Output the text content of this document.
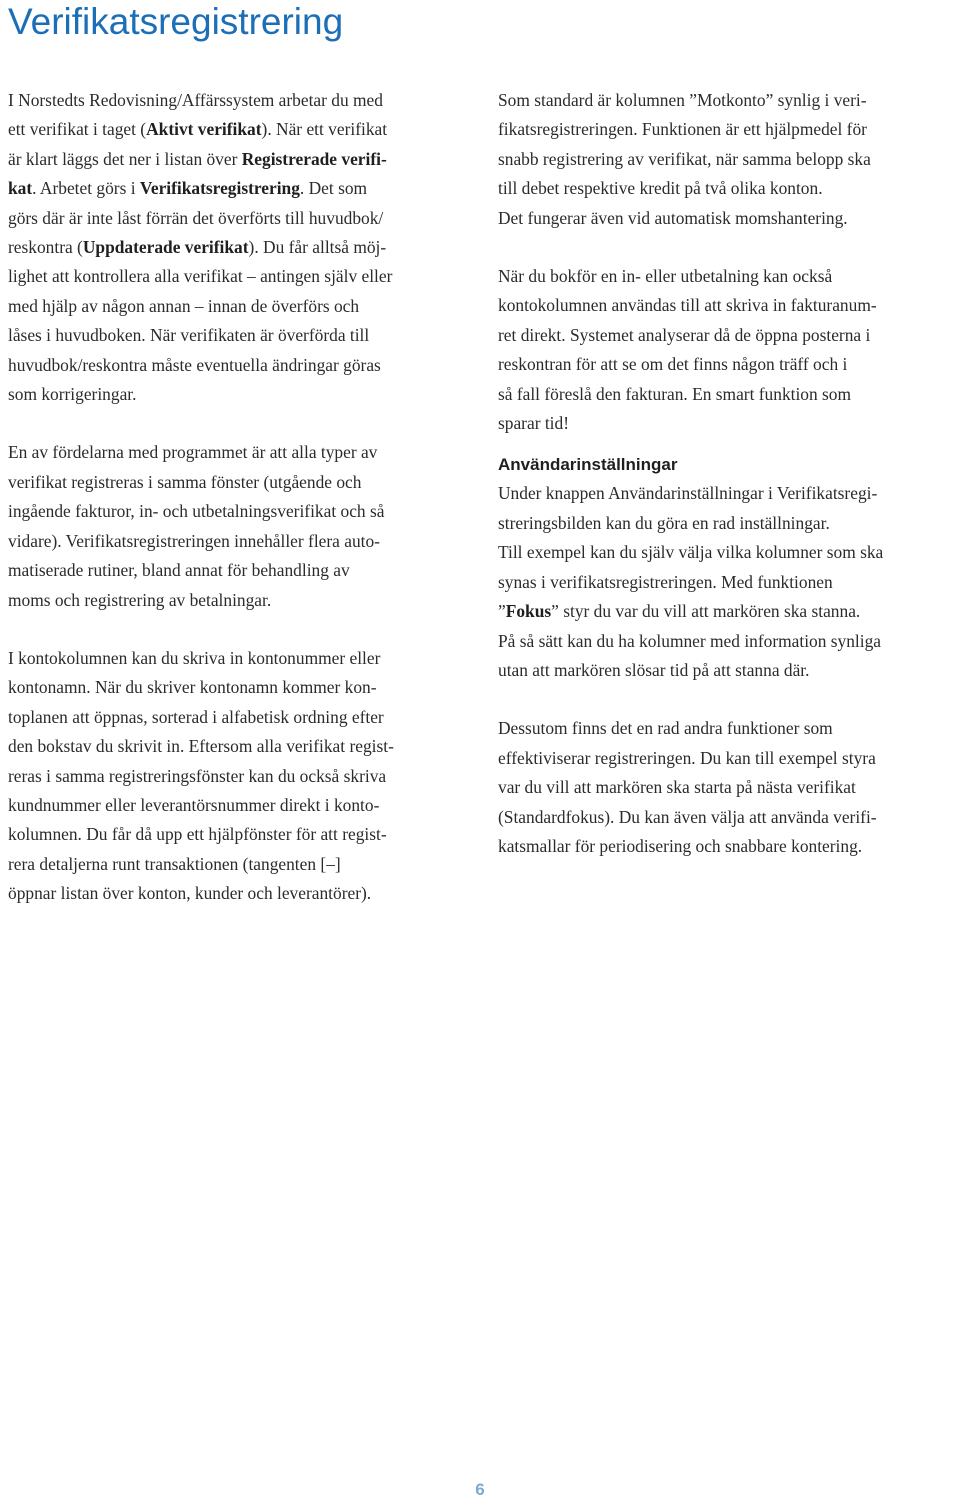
Verifikatsregistrering

I Norstedts Redovisning/Affärssystem arbetar du med
ett verifikat i taget (Aktivt verifikat). När ett verifikat
är klart läggs det ner i listan över Registrerade verifi-
kat. Arbetet görs i Verifikatsregistrering. Det som
görs där är inte låst förrän det överförts till huvudbok/
reskontra (Uppdaterade verifikat). Du får alltså möj-
lighet att kontrollera alla verifikat – antingen själv eller
med hjälp av någon annan – innan de överförs och
låses i huvudboken. När verifikaten är överförda till
huvudbok/reskontra måste eventuella ändringar göras
som korrigeringar.

En av fördelarna med programmet är att alla typer av
verifikat registreras i samma fönster (utgående och
ingående fakturor, in- och utbetalningsverifikat och så
vidare). Verifikatsregistreringen innehåller flera auto-
matiserade rutiner, bland annat för behandling av
moms och registrering av betalningar.

I kontokolumnen kan du skriva in kontonummer eller
kontonamn. När du skriver kontonamn kommer kon-
toplanen att öppnas, sorterad i alfabetisk ordning efter
den bokstav du skrivit in. Eftersom alla verifikat regist-
reras i samma registreringsfönster kan du också skriva
kundnummer eller leverantörsnummer direkt i konto-
kolumnen. Du får då upp ett hjälpfönster för att regist-
rera detaljerna runt transaktionen (tangenten [–]
öppnar listan över konton, kunder och leverantörer).

Som standard är kolumnen ”Motkonto” synlig i veri-
fikatsregistreringen. Funktionen är ett hjälpmedel för
snabb registrering av verifikat, när samma belopp ska
till debet respektive kredit på två olika konton.
Det fungerar även vid automatisk momshantering.

När du bokför en in- eller utbetalning kan också
kontokolumnen användas till att skriva in fakturanum-
ret direkt. Systemet analyserar då de öppna posterna i
reskontran för att se om det finns någon träff och i
så fall föreslå den fakturan. En smart funktion som
sparar tid!

Användarinställningar

Under knappen Användarinställningar i Verifikatsregi-
streringsbilden kan du göra en rad inställningar.
Till exempel kan du själv välja vilka kolumner som ska
synas i verifikatsregistreringen. Med funktionen
”Fokus” styr du var du vill att markören ska stanna.
På så sätt kan du ha kolumner med information synliga
utan att markören slösar tid på att stanna där.

Dessutom finns det en rad andra funktioner som
effektiviserar registreringen. Du kan till exempel styra
var du vill att markören ska starta på nästa verifikat
(Standardfokus). Du kan även välja att använda verifi-
katsmallar för periodisering och snabbare kontering.

6
